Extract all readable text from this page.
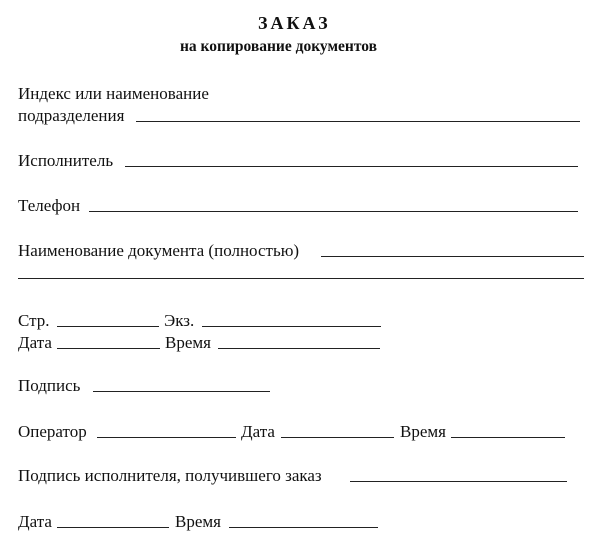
ЗАКАЗ
на копирование документов
Индекс или наименование
подразделения
Исполнитель
Телефон
Наименование документа (полностью)
Стр.	Экз.
Дата	Время
Подпись
Оператор	Дата	Время
Подпись исполнителя, получившего заказ
Дата	Время
